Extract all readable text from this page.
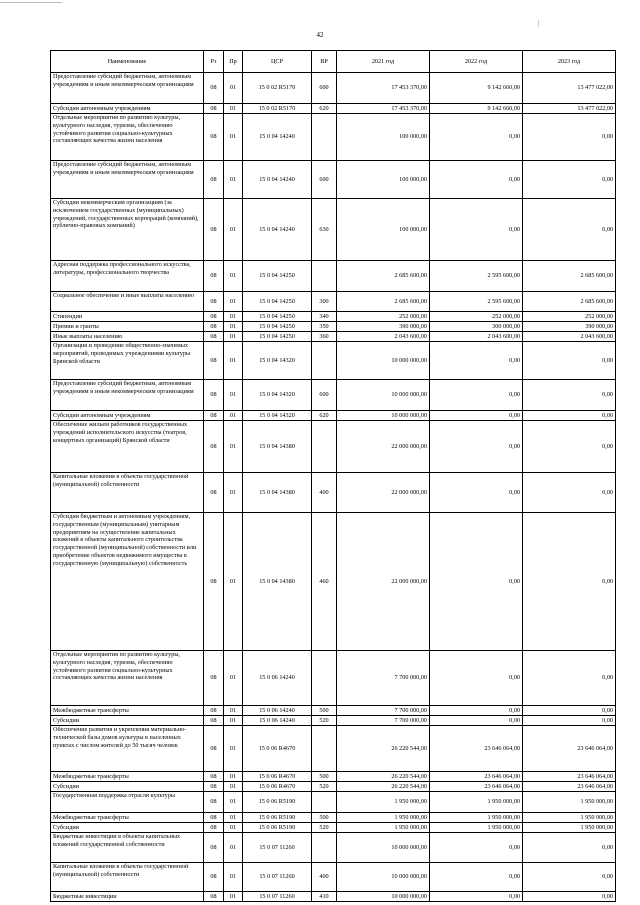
42
Наименование	Рз	Пр	ЦСР	ВР	2021 год	2022 год	2023 год
Предоставление субсидий бюджетным, автономным учреждениям и иным некоммерческим организациям	08	01	15 0 02 R5170	600	17 453 370,00	9 142 660,00	13 477 022,00
Субсидии автономным учреждениям	08	01	15 0 02 R5170	620	17 453 370,00	9 142 660,00	13 477 022,00
Отдельные мероприятия по развитию культуры, культурного наследия, туризма, обеспечению устойчивого развития социально-культурных составляющих качества жизни населения	08	01	15 0 04 14240		100 000,00	0,00	0,00
Предоставление субсидий бюджетным, автономным учреждениям и иным некоммерческим организациям	08	01	15 0 04 14240	600	100 000,00	0,00	0,00
Субсидии некоммерческим организациям (за исключением государственных (муниципальных) учреждений, государственных корпораций (компаний), публично-правовых компаний)	08	01	15 0 04 14240	630	100 000,00	0,00	0,00
Адресная поддержка профессионального искусства, литературы, профессионального творчества	08	01	15 0 04 14250		2 685 600,00	2 595 600,00	2 685 600,00
Социальное обеспечение и иные выплаты населению	08	01	15 0 04 14250	300	2 685 600,00	2 595 600,00	2 685 600,00
Стипендии	08	01	15 0 04 14250	340	252 000,00	252 000,00	252 000,00
Премии и гранты	08	01	15 0 04 14250	350	390 000,00	300 000,00	390 000,00
Иные выплаты населению	08	01	15 0 04 14250	360	2 043 600,00	2 043 600,00	2 043 600,00
Организация и проведение общественно-значимых мероприятий, проводимых учреждениями культуры Брянской области	08	01	15 0 04 14320		10 000 000,00	0,00	0,00
Предоставление субсидий бюджетным, автономным учреждениям и иным некоммерческим организациям	08	01	15 0 04 14320	600	10 000 000,00	0,00	0,00
Субсидии автономным учреждениям	08	01	15 0 04 14320	620	10 000 000,00	0,00	0,00
Обеспечение жильем работников государственных учреждений исполнительского искусства (театров, концертных организаций) Брянской области	08	01	15 0 04 14380		22 000 000,00	0,00	0,00
Капитальные вложения в объекты государственной (муниципальной) собственности	08	01	15 0 04 14380	400	22 000 000,00	0,00	0,00
Субсидии бюджетным и автономным учреждениям, государственным (муниципальным) унитарным предприятиям на осуществление капитальных вложений в объекты капитального строительства государственной (муниципальной) собственности или приобретение объектов недвижимого имущества в государственную (муниципальную) собственность	08	01	15 0 04 14380	460	22 000 000,00	0,00	0,00
Отдельные мероприятия по развитию культуры, культурного наследия, туризма, обеспечению устойчивого развития социально-культурных составляющих качества жизни населения	08	01	15 0 06 14240		7 700 000,00	0,00	0,00
Межбюджетные трансферты	08	01	15 0 06 14240	500	7 700 000,00	0,00	0,00
Субсидии	08	01	15 0 06 14240	520	7 700 000,00	0,00	0,00
Обеспечение развития и укрепления материально-технической базы домов культуры в населенных пунктах с числом жителей до 50 тысяч человек	08	01	15 0 06 R4670		26 220 544,00	23 646 064,00	23 646 064,00
Межбюджетные трансферты	08	01	15 0 06 R4670	500	26 220 544,00	23 646 064,00	23 646 064,00
Субсидии	08	01	15 0 06 R4670	520	26 220 544,00	23 646 064,00	23 646 064,00
Государственная поддержка отрасли культуры	08	01	15 0 06 R5190		1 950 000,00	1 950 000,00	1 950 000,00
Межбюджетные трансферты	08	01	15 0 06 R5190	500	1 950 000,00	1 950 000,00	1 950 000,00
Субсидии	08	01	15 0 06 R5190	520	1 950 000,00	1 950 000,00	1 950 000,00
Бюджетные инвестиции в объекты капитальных вложений государственной собственности	08	01	15 0 07 11260		10 000 000,00	0,00	0,00
Капитальные вложения в объекты государственной (муниципальной) собственности	08	01	15 0 07 11260	400	10 000 000,00	0,00	0,00
Бюджетные инвестиции	08	01	15 0 07 11260	410	10 000 000,00	0,00	0,00
